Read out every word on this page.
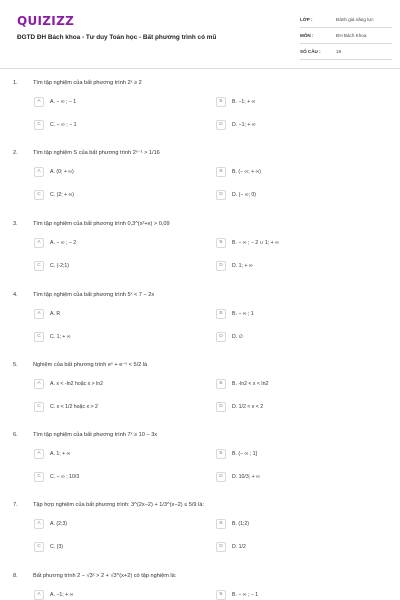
QUIZIZZ
ĐGTD ĐH Bách khoa - Tư duy Toán học - Bất phương trình có mũ
LỚP :	Đánh giá năng lực
MÔN :	ĐH Bách Khoa
SỐ CÂU :	19
1.	Tìm tập nghiệm của bất phương trình 2ˣ ≥ 2
A	A. − ∞ ; − 1	B	B. −1; + ∞
C	C. − ∞ ; − 1	D	D. −1; + ∞
2.	Tìm tập nghiệm S của bất phương trình 2ˣ⁻¹ > 1/16
A	A. (0; + ∞)	B	B. (− ∞; + ∞)
C	C. (2; + ∞)	D	D. (− ∞; 0)
3.	Tìm tập nghiệm của bất phương trình 0,3^(x²+x) > 0,09
A	A. − ∞ ; − 2	B	B. − ∞ ; − 2 ∪ 1; + ∞
C	C. (-2;1)	D	D. 1; + ∞
4.	Tìm tập nghiệm của bất phương trình 5ˣ < 7 − 2x
A	A. R	B	B. − ∞ ; 1
C	C. 1; + ∞	D	D. ∅
5.	Nghiệm của bất phương trình eˣ + e⁻ˣ < 5/2 là
A	A. x < -ln2 hoặc x > ln2	B	B. -ln2 < x < ln2
C	C. x < 1/2 hoặc x > 2	D	D. 1/2 < x < 2
6.	Tìm tập nghiệm của bất phương trình 7ˣ ≥ 10 − 3x
A	A. 1; + ∞	B	B. (− ∞ ; 1]
C	C. − ∞ ; 10/3	D	D. 10/3; + ∞
7.	Tập hợp nghiệm của bất phương trình: 3^(2x−2) + 1/3^(x−2) ≤ 5/9 là:
A	A. (2;3)	B	B. (1;2)
C	C. (3)	D	D. 1/2
8.	Bất phương trình 2 − √3ˣ > 2 + √3^(x+2) có tập nghiệm là:
A	A. −1; + ∞	B	B. − ∞ ; − 1
